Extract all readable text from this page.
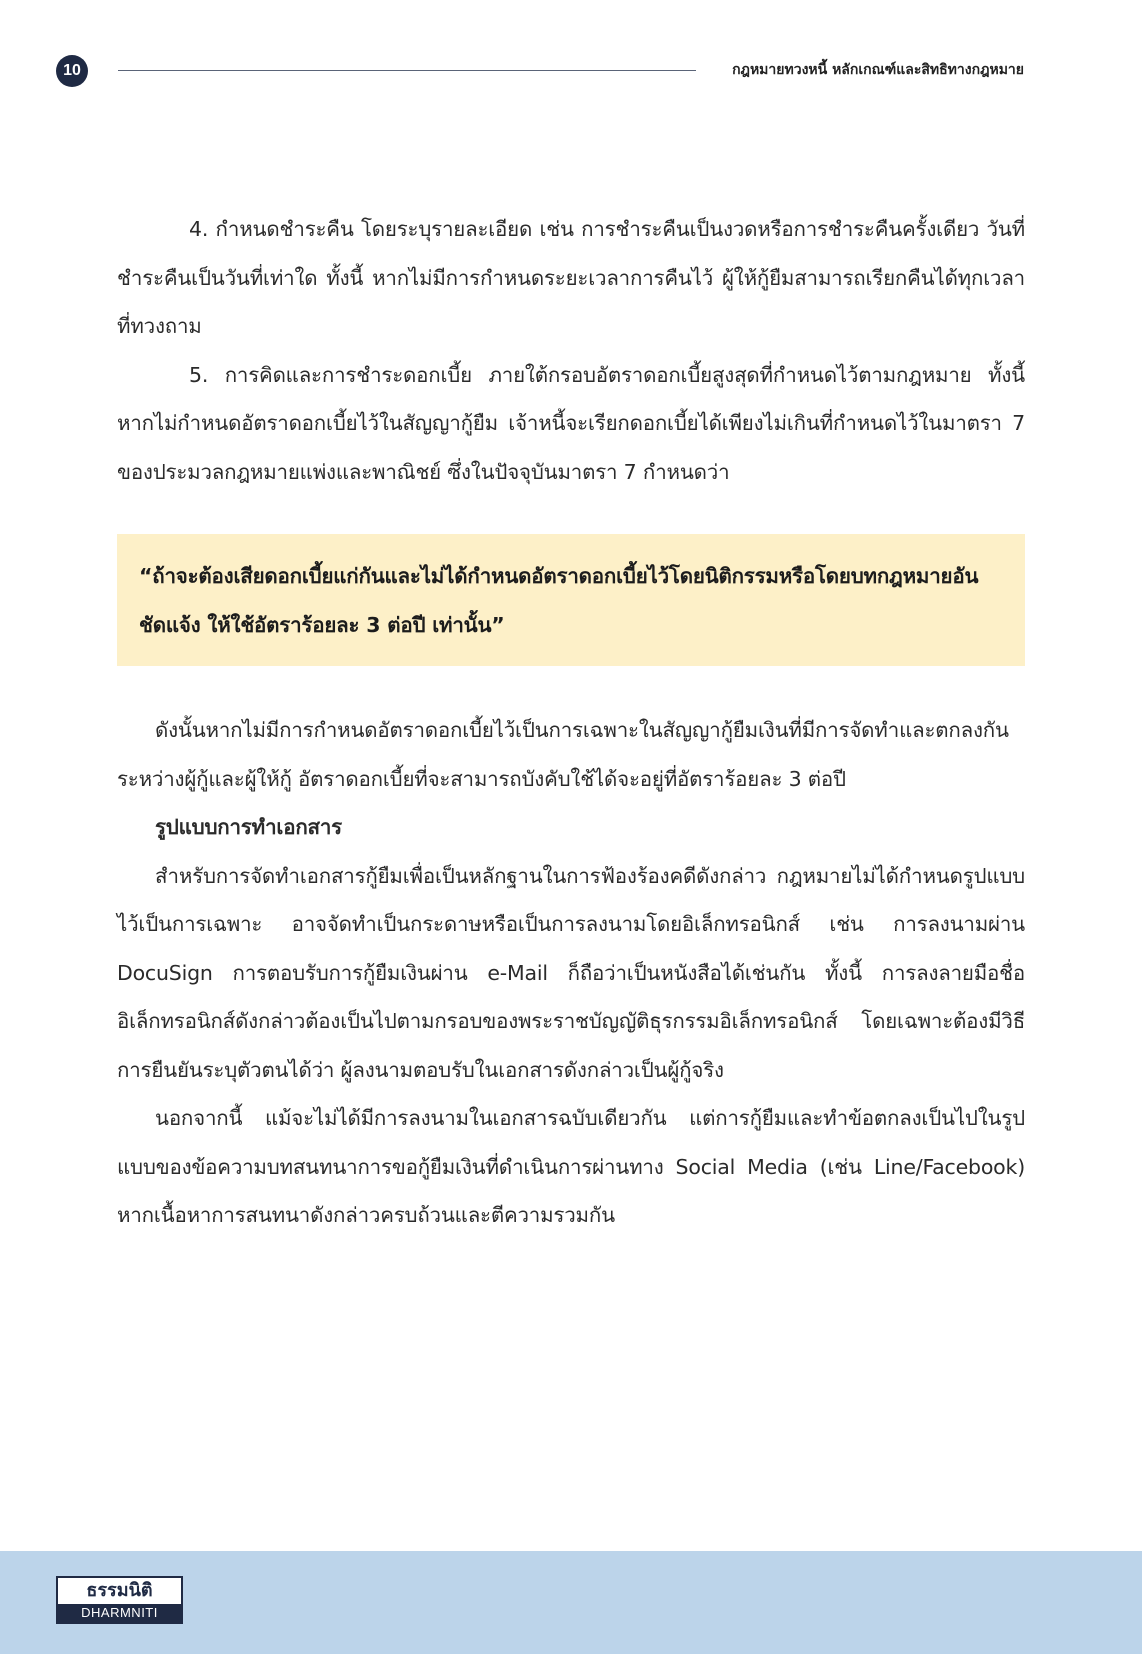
10	กฎหมายทวงหนี้ หลักเกณฑ์และสิทธิทางกฎหมาย

4. กำหนดชำระคืน โดยระบุรายละเอียด เช่น การชำระคืนเป็นงวดหรือการชำระคืนครั้งเดียว วันที่ชำระคืนเป็นวันที่เท่าใด ทั้งนี้ หากไม่มีการกำหนดระยะเวลาการคืนไว้ ผู้ให้กู้ยืมสามารถเรียกคืนได้ทุกเวลาที่ทวงถาม

5. การคิดและการชำระดอกเบี้ย ภายใต้กรอบอัตราดอกเบี้ยสูงสุดที่กำหนดไว้ตามกฎหมาย ทั้งนี้ หากไม่กำหนดอัตราดอกเบี้ยไว้ในสัญญากู้ยืม เจ้าหนี้จะเรียกดอกเบี้ยได้เพียงไม่เกินที่กำหนดไว้ในมาตรา 7 ของประมวลกฎหมายแพ่งและพาณิชย์ ซึ่งในปัจจุบันมาตรา 7 กำหนดว่า

“ถ้าจะต้องเสียดอกเบี้ยแก่กันและไม่ได้กำหนดอัตราดอกเบี้ยไว้โดยนิติกรรมหรือโดยบทกฎหมายอันชัดแจ้ง ให้ใช้อัตราร้อยละ 3 ต่อปี เท่านั้น”

ดังนั้นหากไม่มีการกำหนดอัตราดอกเบี้ยไว้เป็นการเฉพาะในสัญญากู้ยืมเงินที่มีการจัดทำและตกลงกันระหว่างผู้กู้และผู้ให้กู้ อัตราดอกเบี้ยที่จะสามารถบังคับใช้ได้จะอยู่ที่อัตราร้อยละ 3 ต่อปี

รูปแบบการทำเอกสาร

สำหรับการจัดทำเอกสารกู้ยืมเพื่อเป็นหลักฐานในการฟ้องร้องคดีดังกล่าว กฎหมายไม่ได้กำหนดรูปแบบไว้เป็นการเฉพาะ อาจจัดทำเป็นกระดาษหรือเป็นการลงนามโดยอิเล็กทรอนิกส์ เช่น การลงนามผ่าน DocuSign การตอบรับการกู้ยืมเงินผ่าน e-Mail ก็ถือว่าเป็นหนังสือได้เช่นกัน ทั้งนี้ การลงลายมือชื่ออิเล็กทรอนิกส์ดังกล่าวต้องเป็นไปตามกรอบของพระราชบัญญัติธุรกรรมอิเล็กทรอนิกส์ โดยเฉพาะต้องมีวิธีการยืนยันระบุตัวตนได้ว่า ผู้ลงนามตอบรับในเอกสารดังกล่าวเป็นผู้กู้จริง

นอกจากนี้ แม้จะไม่ได้มีการลงนามในเอกสารฉบับเดียวกัน แต่การกู้ยืมและทำข้อตกลงเป็นไปในรูปแบบของข้อความบทสนทนาการขอกู้ยืมเงินที่ดำเนินการผ่านทาง Social Media (เช่น Line/Facebook) หากเนื้อหาการสนทนาดังกล่าวครบถ้วนและตีความรวมกัน

ธรรมนิติ
DHARMNITI
